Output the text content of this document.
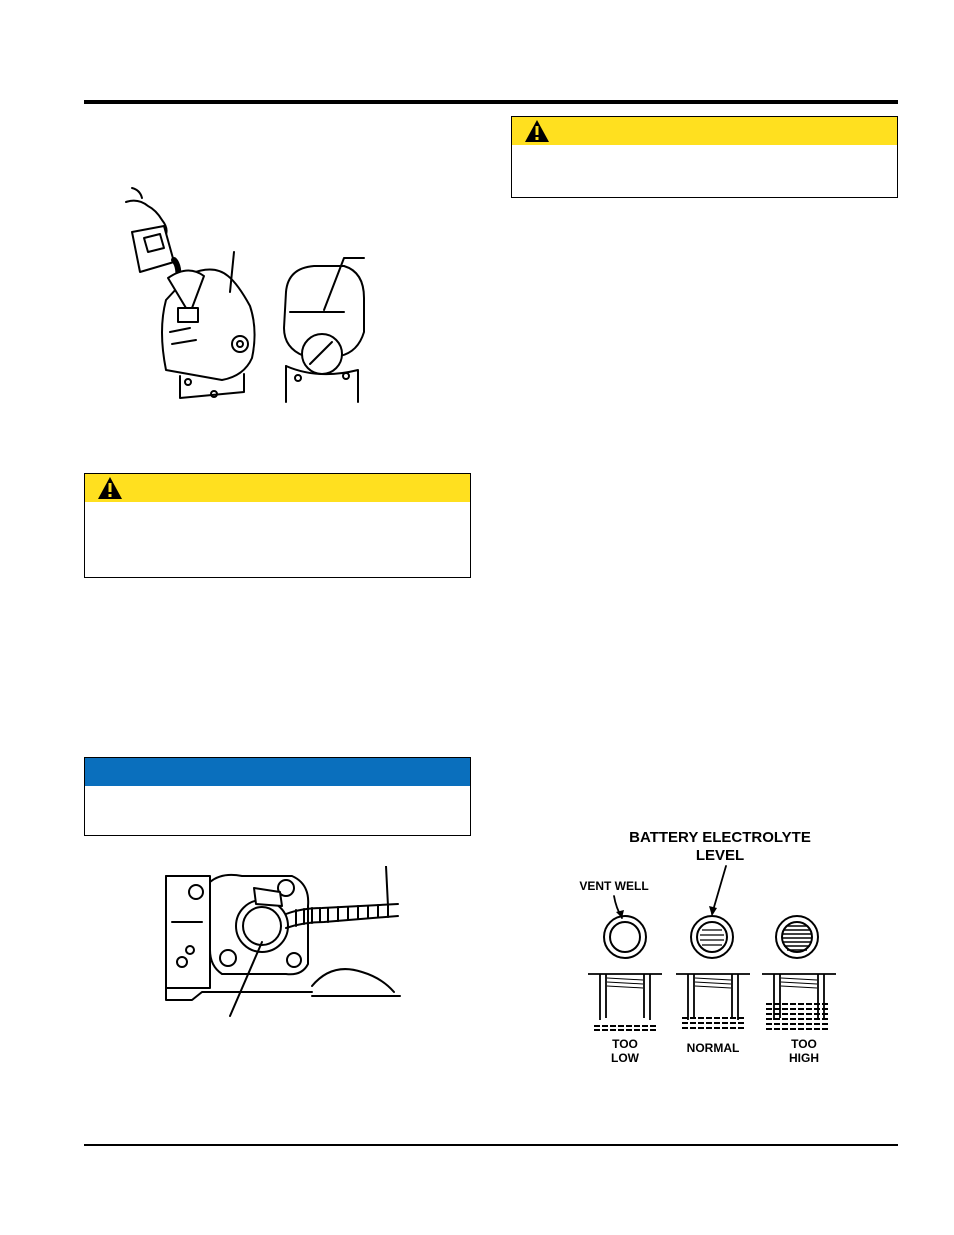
BATTERY ELECTROLYTE
LEVEL
VENT WELL
TOO
LOW
NORMAL	TOO
HIGH
